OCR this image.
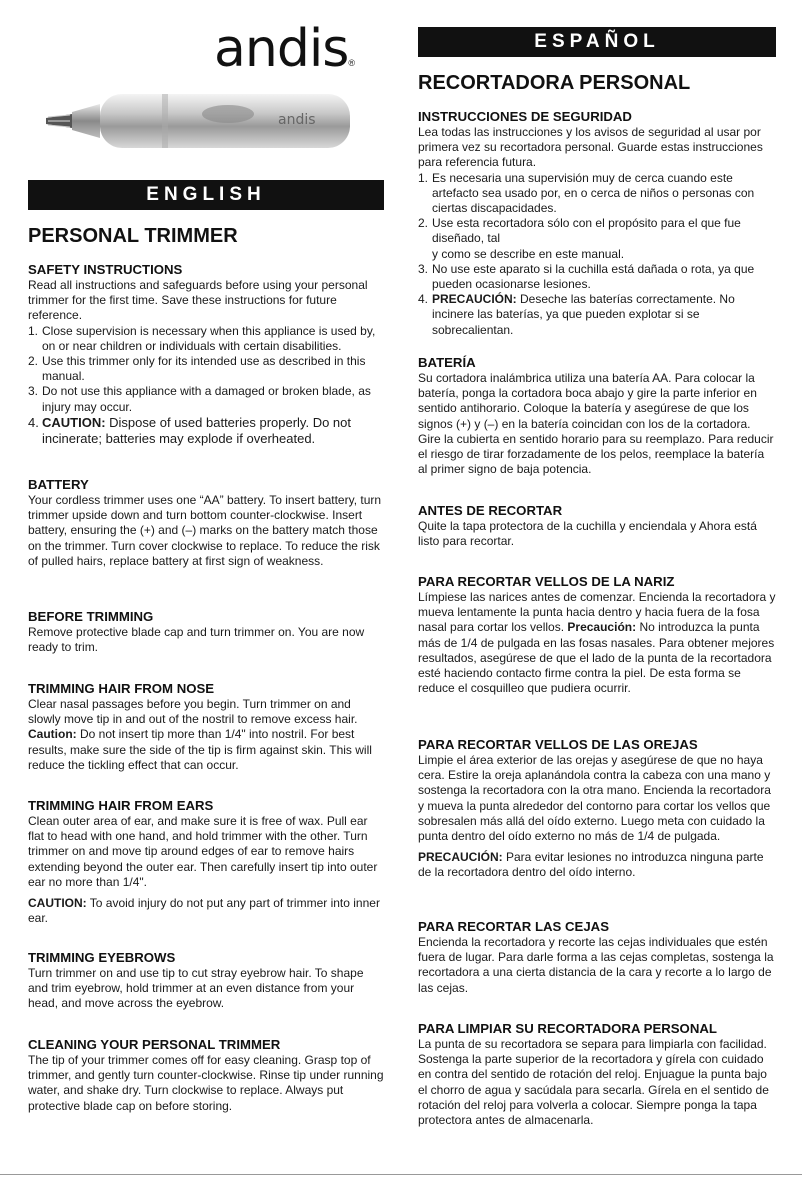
andis®
andis
ENGLISH
ESPAÑOL
PERSONAL TRIMMER
RECORTADORA PERSONAL
SAFETY INSTRUCTIONS

Read all instructions and safeguards before using your personal trimmer for the first time. Save these instructions for future reference.

1. Close supervision is necessary when this appliance is used by, on or near children or individuals with certain disabilities.
2. Use this trimmer only for its intended use as described in this manual.
3. Do not use this appliance with a damaged or broken blade, as injury may occur.
4. CAUTION: Dispose of used batteries properly. Do not incinerate; batteries may explode if overheated.
BATTERY

Your cordless trimmer uses one “AA” battery. To insert battery, turn trimmer upside down and turn bottom counter-clockwise. Insert battery, ensuring the (+) and (–) marks on the battery match those on the trimmer. Turn cover clockwise to replace. To reduce the risk of pulled hairs, replace battery at first sign of weakness.

BEFORE TRIMMING

Remove protective blade cap and turn trimmer on. You are now ready to trim.

TRIMMING HAIR FROM NOSE

Clear nasal passages before you begin. Turn trimmer on and slowly move tip in and out of the nostril to remove excess hair. Caution: Do not insert tip more than 1/4" into nostril. For best results, make sure the side of the tip is firm against skin. This will reduce the tickling effect that can occur.

TRIMMING HAIR FROM EARS

Clean outer area of ear, and make sure it is free of wax. Pull ear flat to head with one hand, and hold trimmer with the other. Turn trimmer on and move tip around edges of ear to remove hairs extending beyond the outer ear. Then carefully insert tip into outer ear no more than 1/4".

CAUTION: To avoid injury do not put any part of trimmer into inner ear.

TRIMMING EYEBROWS

Turn trimmer on and use tip to cut stray eyebrow hair. To shape and trim eyebrow, hold trimmer at an even distance from your head, and move across the eyebrow.

CLEANING YOUR PERSONAL TRIMMER

The tip of your trimmer comes off for easy cleaning. Grasp top of trimmer, and gently turn counter-clockwise. Rinse tip under running water, and shake dry. Turn clockwise to replace. Always put protective blade cap on before storing.

INSTRUCCIONES DE SEGURIDAD

Lea todas las instrucciones y los avisos de seguridad al usar por primera vez su recortadora personal. Guarde estas instrucciones para referencia futura.

1. Es necesaria una supervisión muy de cerca cuando este artefacto sea usado por, en o cerca de niños o personas con ciertas discapacidades.
2. Use esta recortadora sólo con el propósito para el que fue diseñado, tal
y como se describe en este manual.
3. No use este aparato si la cuchilla está dañada o rota, ya que pueden ocasionarse lesiones.
4. PRECAUCIÓN: Deseche las baterías correctamente. No incinere las baterías, ya que pueden explotar si se sobrecalientan.
BATERÍA

Su cortadora inalámbrica utiliza una batería AA. Para colocar la batería, ponga la cortadora boca abajo y gire la parte inferior en sentido antihorario. Coloque la batería y asegúrese de que los signos (+) y (–) en la batería coincidan con los de la cortadora. Gire la cubierta en sentido horario para su reemplazo. Para reducir el riesgo de tirar forzadamente de los pelos, reemplace la batería al primer signo de baja potencia.

ANTES DE RECORTAR

Quite la tapa protectora de la cuchilla y enciendala y Ahora está listo para recortar.

PARA RECORTAR VELLOS DE LA NARIZ

Límpiese las narices antes de comenzar. Encienda la recortadora y mueva lentamente la punta hacia dentro y hacia fuera de la fosa nasal para cortar los vellos. Precaución: No introduzca la punta más de 1/4 de pulgada en las fosas nasales. Para obtener mejores resultados, asegúrese de que el lado de la punta de la recortadora esté haciendo contacto firme contra la piel. De esta forma se reduce el cosquilleo que pudiera ocurrir.

PARA RECORTAR VELLOS DE LAS OREJAS

Limpie el área exterior de las orejas y asegúrese de que no haya cera. Estire la oreja aplanándola contra la cabeza con una mano y sostenga la recortadora con la otra mano. Encienda la recortadora y mueva la punta alrededor del contorno para cortar los vellos que sobresalen más allá del oído externo. Luego meta con cuidado la punta dentro del oído externo no más de 1/4 de pulgada.

PRECAUCIÓN: Para evitar lesiones no introduzca ninguna parte de la recortadora dentro del oído interno.

PARA RECORTAR LAS CEJAS

Encienda la recortadora y recorte las cejas individuales que estén fuera de lugar. Para darle forma a las cejas completas, sostenga la recortadora a una cierta distancia de la cara y recorte a lo largo de las cejas.

PARA LIMPIAR SU RECORTADORA PERSONAL

La punta de su recortadora se separa para limpiarla con facilidad. Sostenga la parte superior de la recortadora y gírela con cuidado en contra del sentido de rotación del reloj. Enjuague la punta bajo el chorro de agua y sacúdala para secarla. Gírela en el sentido de rotación del reloj para volverla a colocar. Siempre ponga la tapa protectora antes de almacenarla.
